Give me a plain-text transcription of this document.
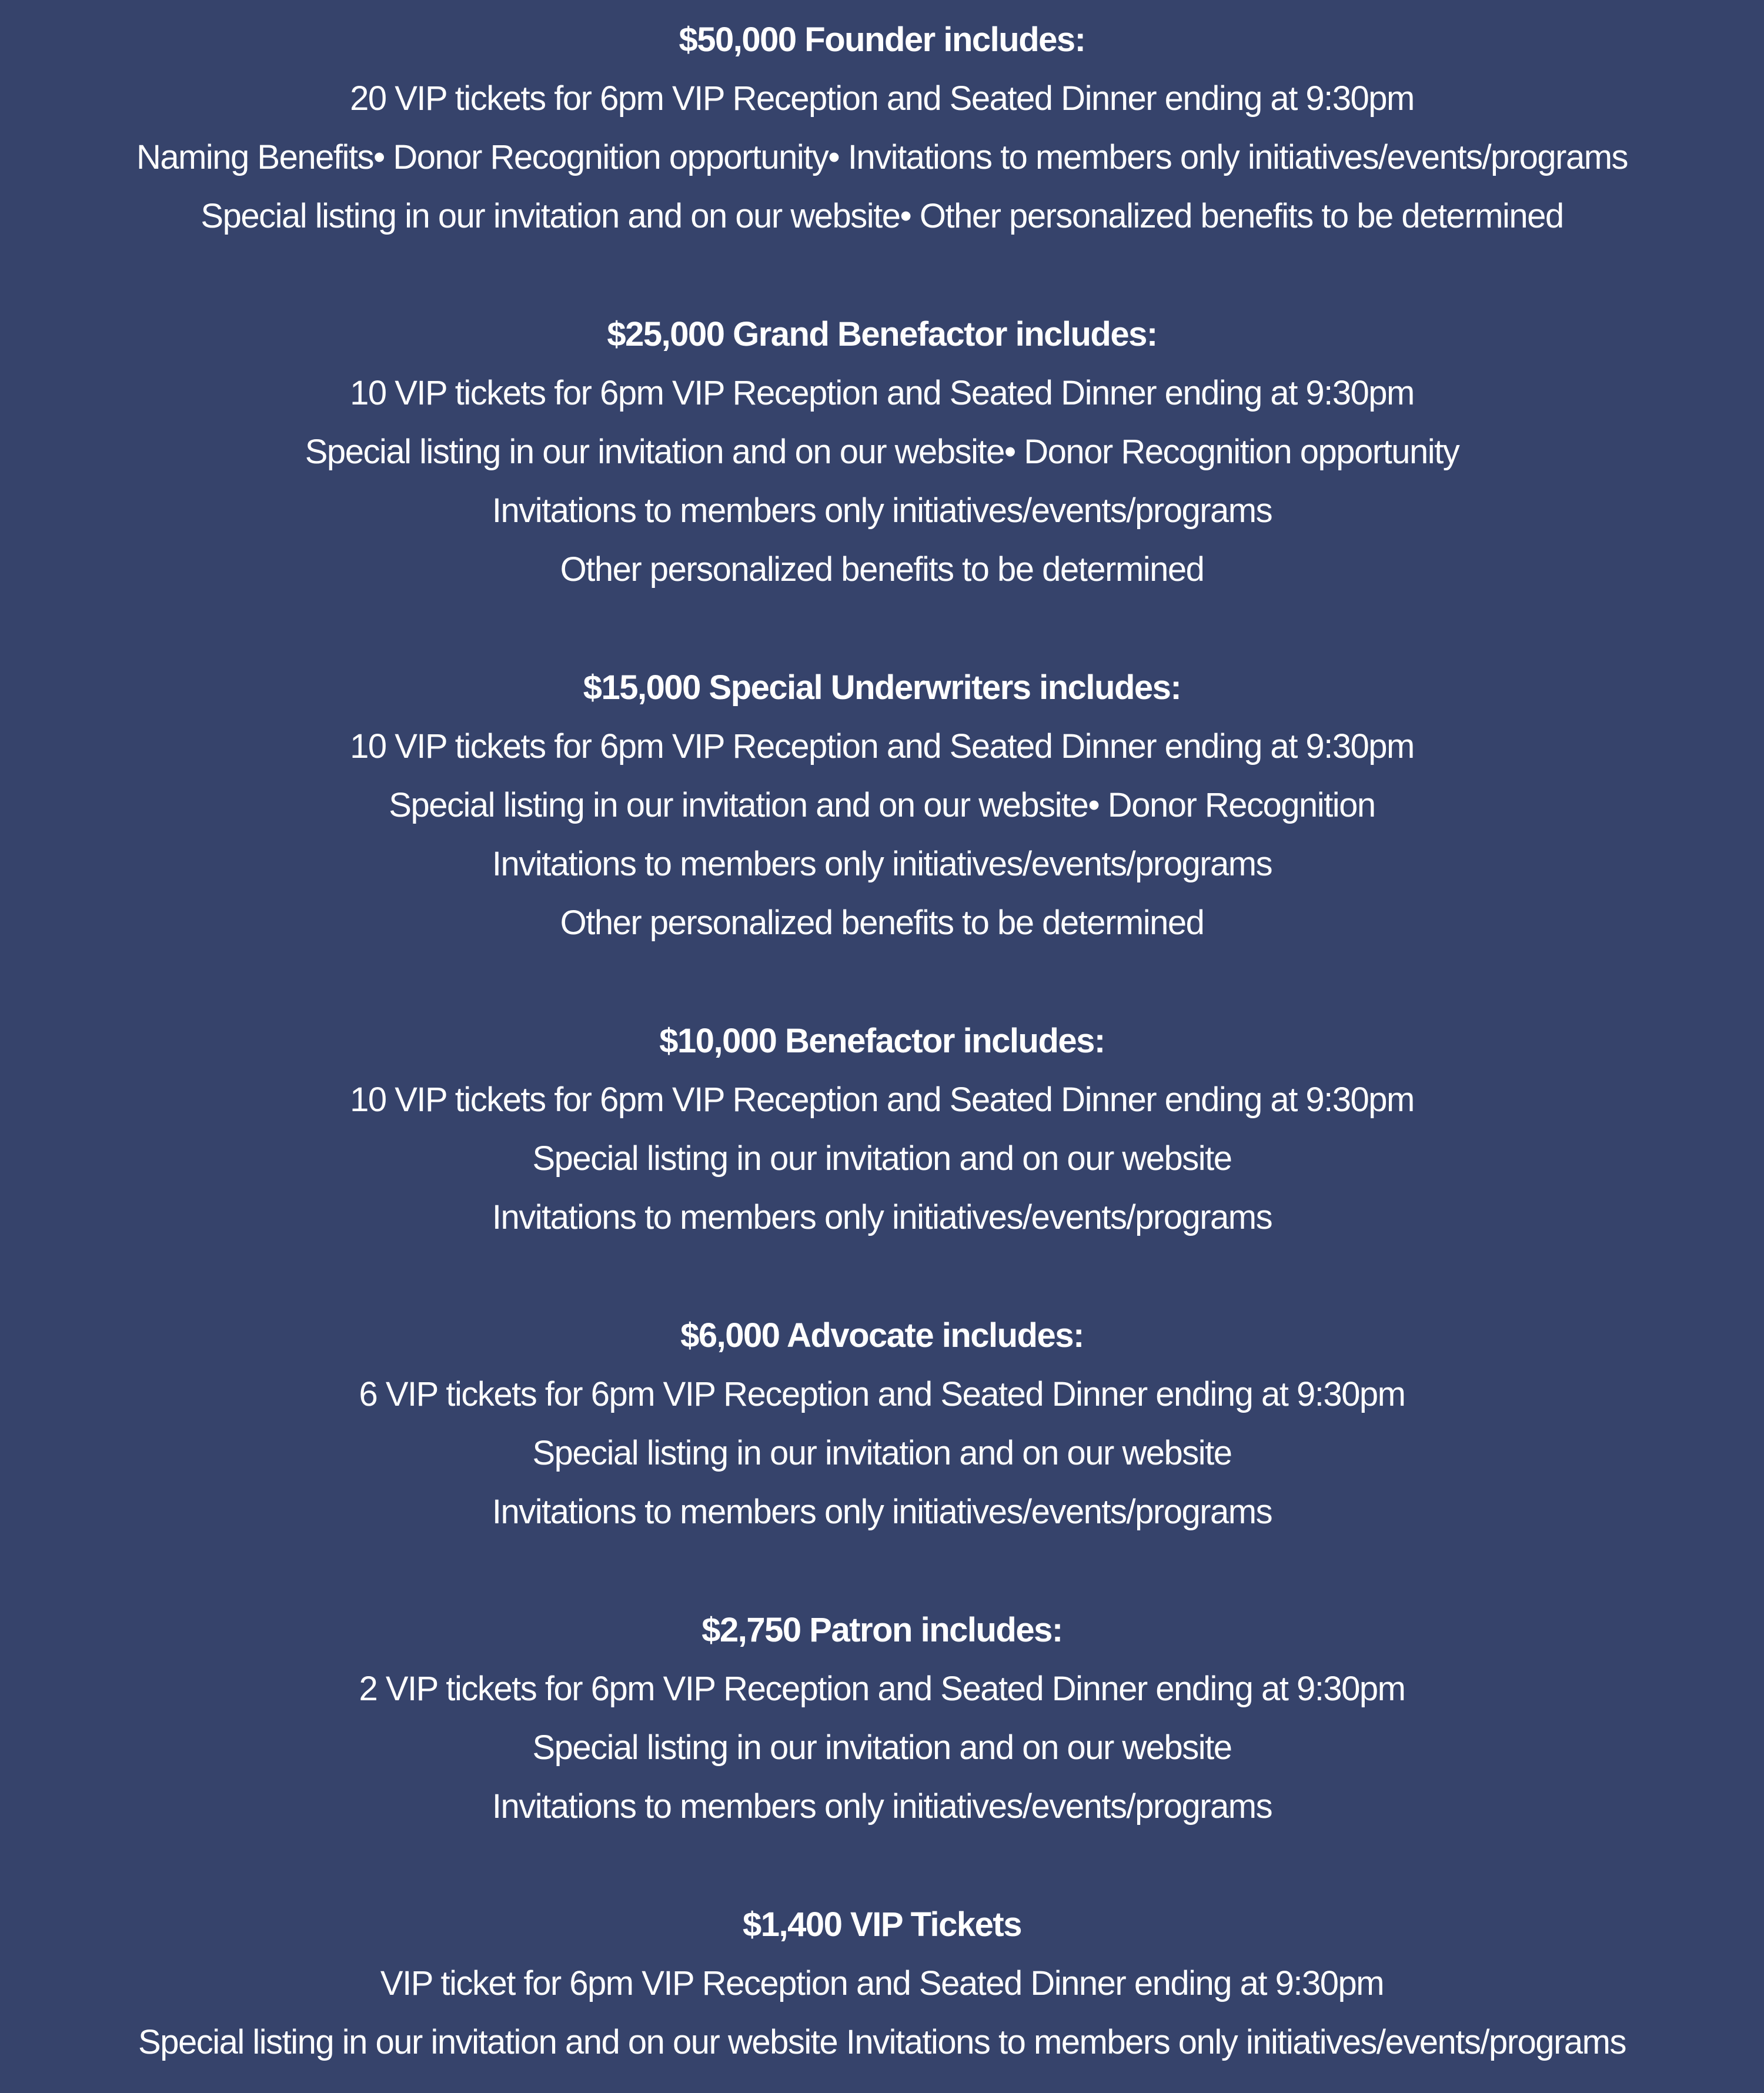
$50,000 Founder includes:

20 VIP tickets for 6pm VIP Reception and Seated Dinner ending at 9:30pm

Naming Benefits• Donor Recognition opportunity• Invitations to members only initiatives/events/programs

Special listing in our invitation and on our website• Other personalized benefits to be determined

$25,000 Grand Benefactor includes:

10 VIP tickets for 6pm VIP Reception and Seated Dinner ending at 9:30pm

Special listing in our invitation and on our website• Donor Recognition opportunity

Invitations to members only initiatives/events/programs

Other personalized benefits to be determined

$15,000 Special Underwriters includes:

10 VIP tickets for 6pm VIP Reception and Seated Dinner ending at 9:30pm

Special listing in our invitation and on our website• Donor Recognition

Invitations to members only initiatives/events/programs

Other personalized benefits to be determined

$10,000 Benefactor includes:

10 VIP tickets for 6pm VIP Reception and Seated Dinner ending at 9:30pm

Special listing in our invitation and on our website

Invitations to members only initiatives/events/programs

$6,000 Advocate includes:

6 VIP tickets for 6pm VIP Reception and Seated Dinner ending at 9:30pm

Special listing in our invitation and on our website

Invitations to members only initiatives/events/programs

$2,750 Patron includes:

2 VIP tickets for 6pm VIP Reception and Seated Dinner ending at 9:30pm

Special listing in our invitation and on our website

Invitations to members only initiatives/events/programs

$1,400 VIP Tickets

VIP ticket for 6pm VIP Reception and Seated Dinner ending at 9:30pm

Special listing in our invitation and on our website Invitations to members only initiatives/events/programs
